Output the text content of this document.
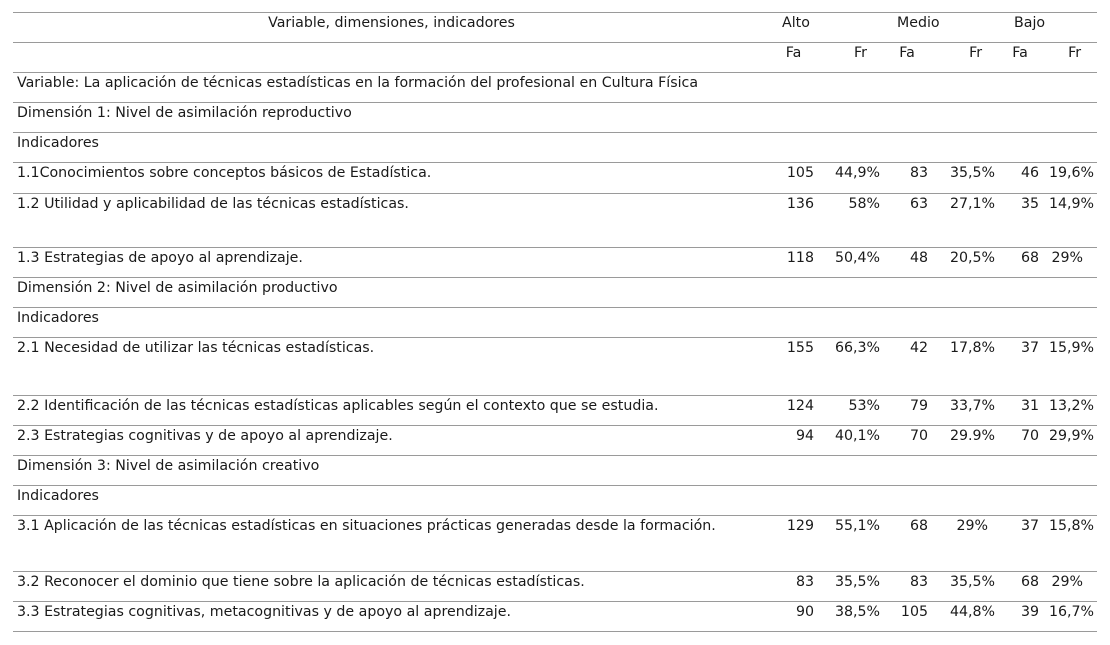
Variable, dimensiones, indicadores	Alto		Medio		Bajo	
	Fa	Fr	Fa	Fr	Fa	Fr
Variable: La aplicación de técnicas estadísticas en la formación del profesional en Cultura Física						
Dimensión 1: Nivel de asimilación reproductivo						
Indicadores						
1.1Conocimientos sobre conceptos básicos de Estadística.	105	44,9%	83	35,5%	46	19,6%
1.2 Utilidad y aplicabilidad de las técnicas estadísticas.	136	58%	63	27,1%	35	14,9%
1.3 Estrategias de apoyo al aprendizaje.	118	50,4%	48	20,5%	68	29%
Dimensión 2: Nivel de asimilación productivo						
Indicadores						
2.1 Necesidad de utilizar las técnicas estadísticas.	155	66,3%	42	17,8%	37	15,9%
2.2 Identificación de las técnicas estadísticas aplicables según el contexto que se estudia.	124	53%	79	33,7%	31	13,2%
2.3 Estrategias cognitivas y de apoyo al aprendizaje.	94	40,1%	70	29.9%	70	29,9%
Dimensión 3: Nivel de asimilación creativo						
Indicadores						
3.1 Aplicación de las técnicas estadísticas en situaciones prácticas generadas desde la formación.	129	55,1%	68	29%	37	15,8%
3.2 Reconocer el dominio que tiene sobre la aplicación de técnicas estadísticas.	83	35,5%	83	35,5%	68	29%
3.3 Estrategias cognitivas, metacognitivas y de apoyo al aprendizaje.	90	38,5%	105	44,8%	39	16,7%
